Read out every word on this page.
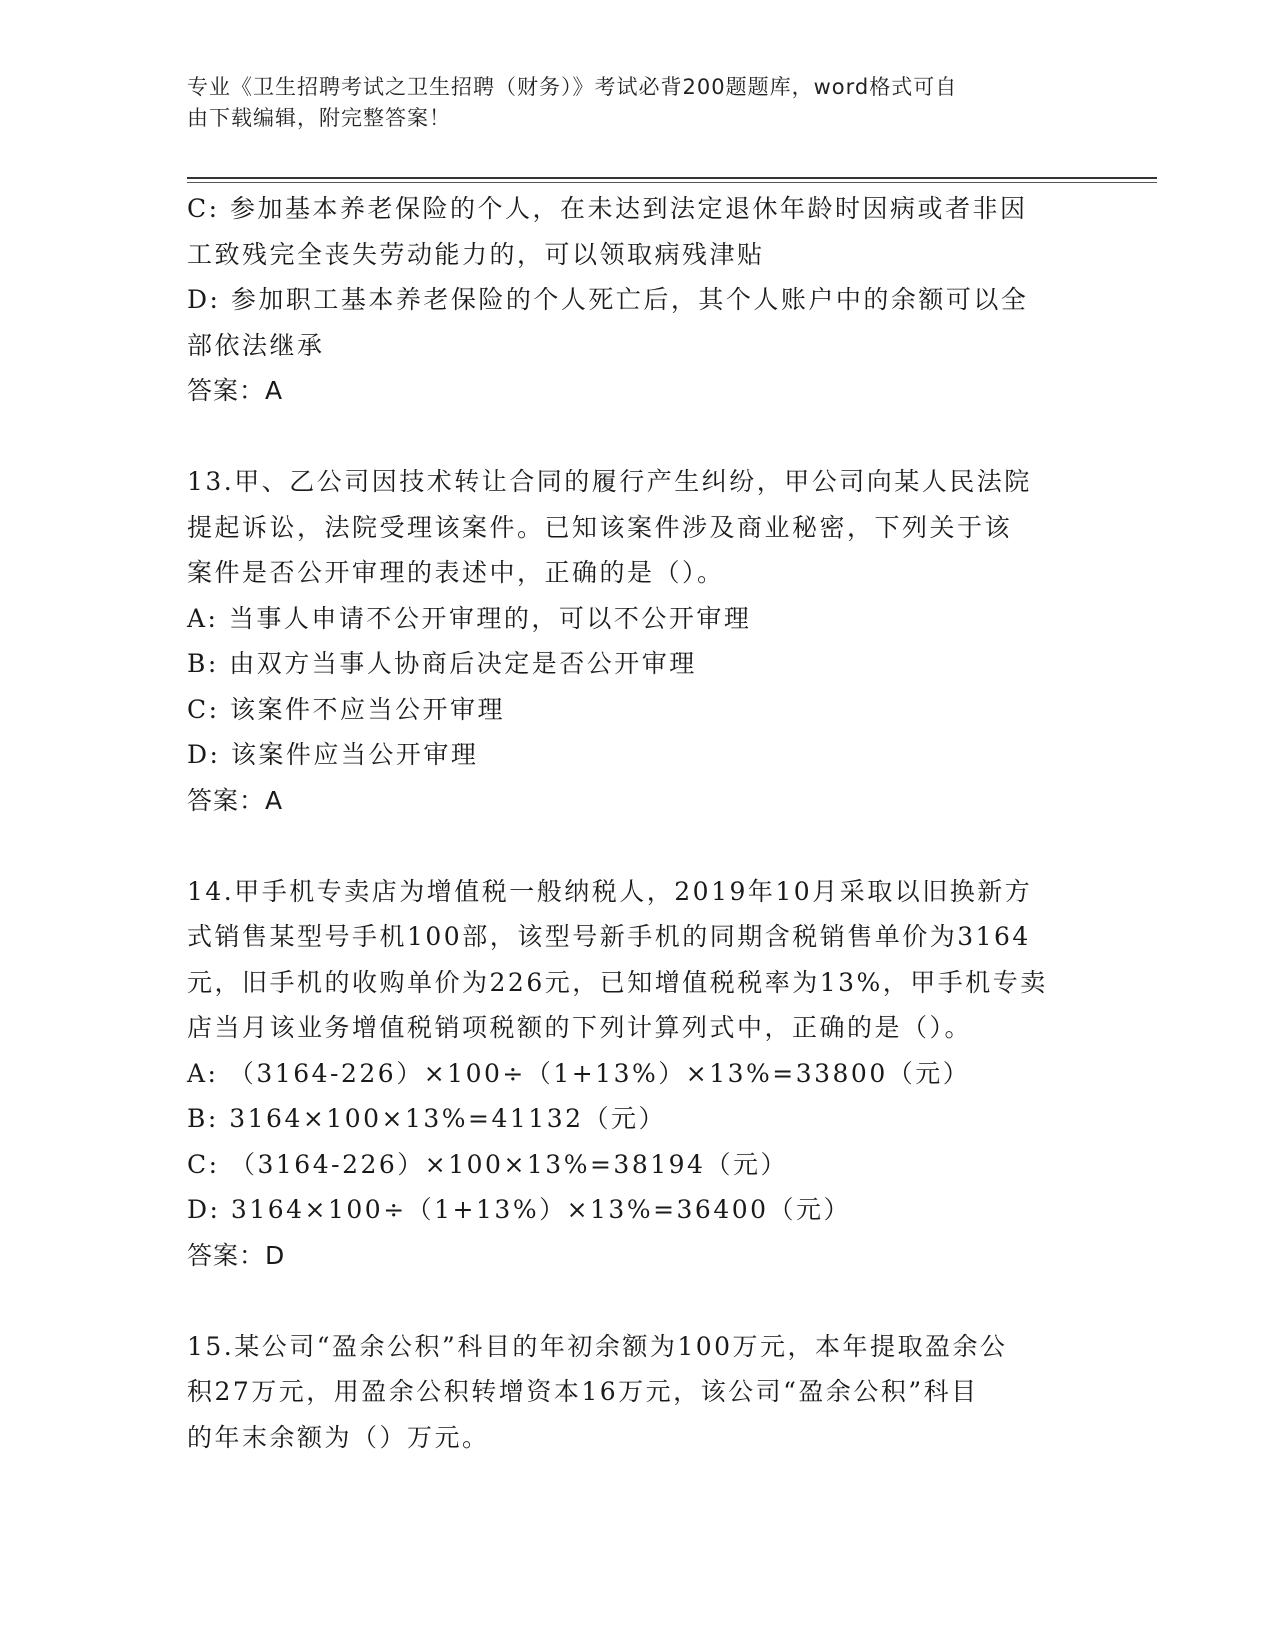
专业《卫生招聘考试之卫生招聘（财务）》考试必背200题题库，word格式可自
由下载编辑，附完整答案！
C: 参加基本养老保险的个人，在未达到法定退休年龄时因病或者非因
工致残完全丧失劳动能力的，可以领取病残津贴
D: 参加职工基本养老保险的个人死亡后，其个人账户中的余额可以全
部依法继承
答案：A
13.甲、乙公司因技术转让合同的履行产生纠纷，甲公司向某人民法院
提起诉讼，法院受理该案件。已知该案件涉及商业秘密，下列关于该
案件是否公开审理的表述中，正确的是（）。
A: 当事人申请不公开审理的，可以不公开审理
B: 由双方当事人协商后决定是否公开审理
C: 该案件不应当公开审理
D: 该案件应当公开审理
答案：A
14.甲手机专卖店为增值税一般纳税人，2019年10月采取以旧换新方
式销售某型号手机100部，该型号新手机的同期含税销售单价为3164
元，旧手机的收购单价为226元，已知增值税税率为13%，甲手机专卖
店当月该业务增值税销项税额的下列计算列式中，正确的是（）。
A: （3164-226）×100÷（1+13%）×13%=33800（元）
B: 3164×100×13%=41132（元）
C: （3164-226）×100×13%=38194（元）
D: 3164×100÷（1+13%）×13%=36400（元）
答案：D
15.某公司“盈余公积”科目的年初余额为100万元，本年提取盈余公
积27万元，用盈余公积转增资本16万元，该公司“盈余公积”科目
的年末余额为（）万元。
